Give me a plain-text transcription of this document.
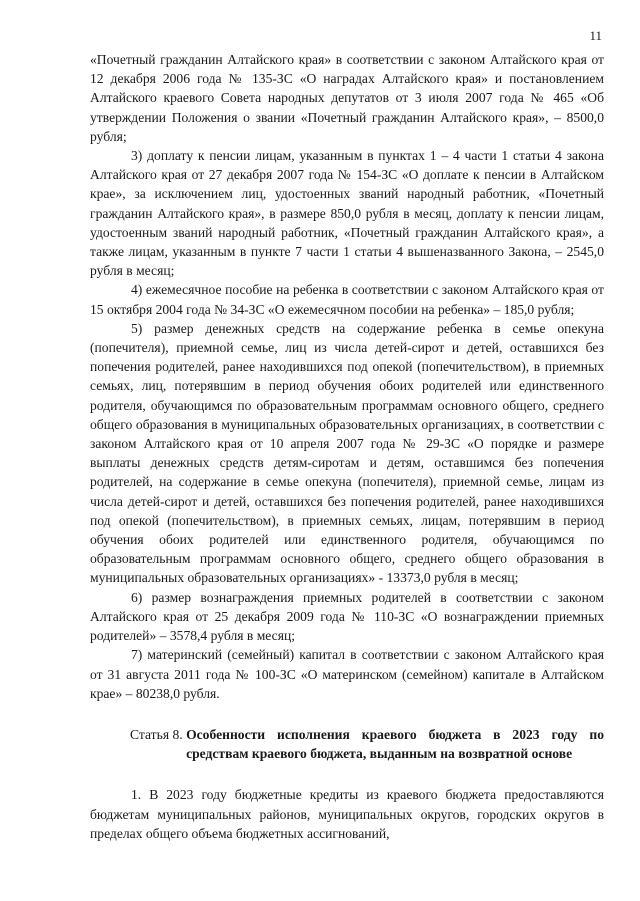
11

«Почетный гражданин Алтайского края» в соответствии с законом Алтайского края от 12 декабря 2006 года № 135-ЗС «О наградах Алтайского края» и постановлением Алтайского краевого Совета народных депутатов от 3 июля 2007 года № 465 «Об утверждении Положения о звании «Почетный гражданин Алтайского края», – 8500,0 рубля;

3) доплату к пенсии лицам, указанным в пунктах 1 – 4 части 1 статьи 4 закона Алтайского края от 27 декабря 2007 года № 154-ЗС «О доплате к пенсии в Алтайском крае», за исключением лиц, удостоенных званий народный работник, «Почетный гражданин Алтайского края», в размере 850,0 рубля в месяц, доплату к пенсии лицам, удостоенным званий народный работник, «Почетный гражданин Алтайского края», а также лицам, указанным в пункте 7 части 1 статьи 4 вышеназванного Закона, – 2545,0 рубля в месяц;

4) ежемесячное пособие на ребенка в соответствии с законом Алтайского края от 15 октября 2004 года № 34-ЗС «О ежемесячном пособии на ребенка» – 185,0 рубля;

5) размер денежных средств на содержание ребенка в семье опекуна (попечителя), приемной семье, лиц из числа детей-сирот и детей, оставшихся без попечения родителей, ранее находившихся под опекой (попечительством), в приемных семьях, лиц, потерявшим в период обучения обоих родителей или единственного родителя, обучающимся по образовательным программам основного общего, среднего общего образования в муниципальных образовательных организациях, в соответствии с законом Алтайского края от 10 апреля 2007 года № 29-ЗС «О порядке и размере выплаты денежных средств детям-сиротам и детям, оставшимся без попечения родителей, на содержание в семье опекуна (попечителя), приемной семье, лицам из числа детей-сирот и детей, оставшихся без попечения родителей, ранее находившихся под опекой (попечительством), в приемных семьях, лицам, потерявшим в период обучения обоих родителей или единственного родителя, обучающимся по образовательным программам основного общего, среднего общего образования в муниципальных образовательных организациях» - 13373,0 рубля в месяц;

6) размер вознаграждения приемных родителей в соответствии с законом Алтайского края от 25 декабря 2009 года № 110-ЗС «О вознаграждении приемных родителей» – 3578,4 рубля в месяц;

7) материнский (семейный) капитал в соответствии с законом Алтайского края от 31 августа 2011 года № 100-ЗС «О материнском (семейном) капитале в Алтайском крае» – 80238,0 рубля.

Статья 8. Особенности исполнения краевого бюджета в 2023 году по средствам краевого бюджета, выданным на возвратной основе

1. В 2023 году бюджетные кредиты из краевого бюджета предоставляются бюджетам муниципальных районов, муниципальных округов, городских округов в пределах общего объема бюджетных ассигнований,
